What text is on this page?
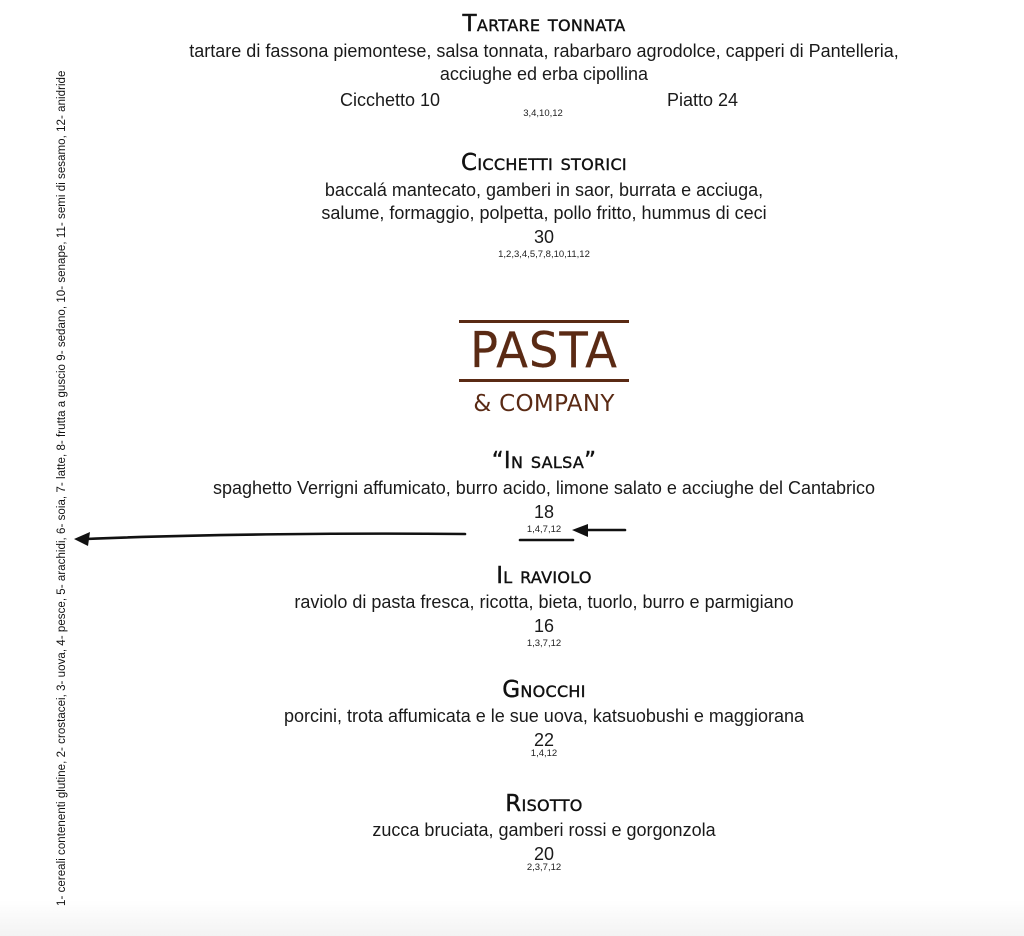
1- cereali contenenti glutine, 2- crostacei, 3- uova, 4- pesce, 5- arachidi, 6- soia, 7- latte, 8- frutta a guscio 9- sedano, 10- senape, 11- semi di sesamo, 12- anidride
Tartare tonnata
tartare di fassona piemontese, salsa tonnata, rabarbaro agrodolce, capperi di Pantelleria,
acciughe ed erba cipollina
Cicchetto 10	Piatto 24
3,4,10,12
Cicchetti storici
baccalá mantecato, gamberi in saor, burrata e acciuga,
salume, formaggio, polpetta, pollo fritto, hummus di ceci
30
1,2,3,4,5,7,8,10,11,12
PASTA
& COMPANY
“In salsa”
spaghetto Verrigni affumicato, burro acido, limone salato e acciughe del Cantabrico
18
1,4,7,12
Il raviolo
raviolo di pasta fresca, ricotta, bieta, tuorlo, burro e parmigiano
16
1,3,7,12
Gnocchi
porcini, trota affumicata e le sue uova, katsuobushi e maggiorana
22
1,4,12
Risotto
zucca bruciata, gamberi rossi e gorgonzola
20
2,3,7,12
